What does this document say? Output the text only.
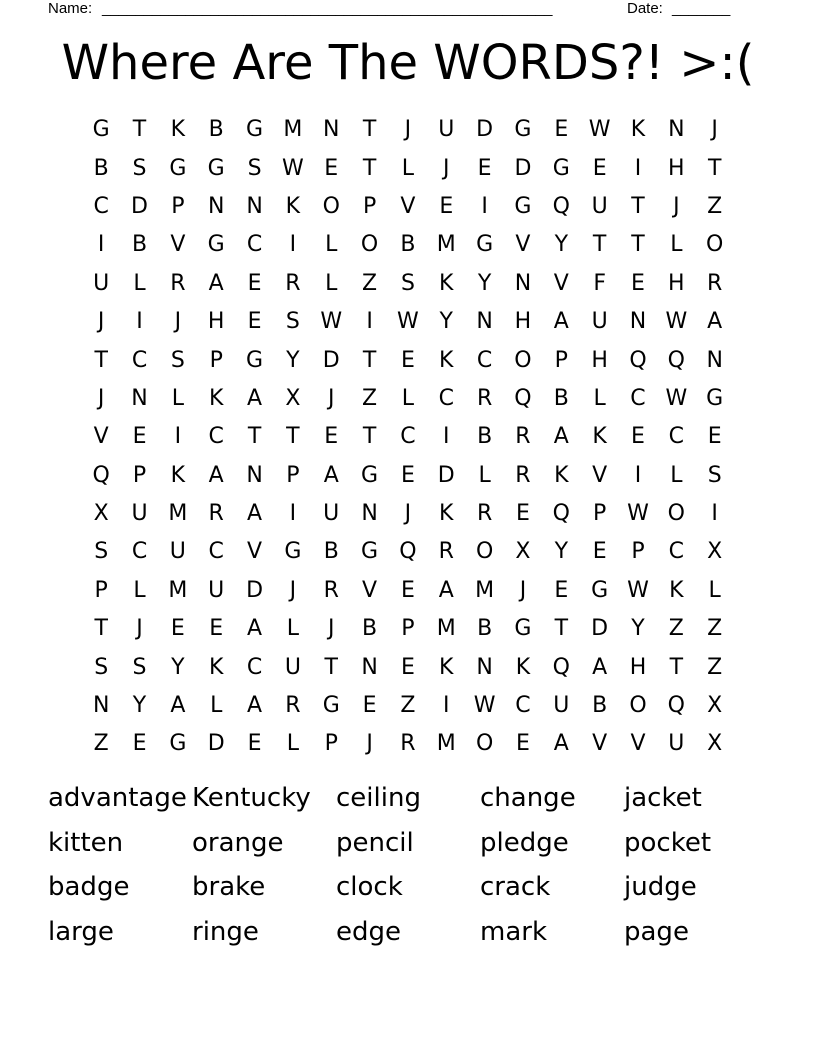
Name: ______________________________________________________	Date: _______
Where Are The WORDS?! >:(
G	T	K	B	G M N	T	J	U D G	E W K	N	J
B	S	G G	S W E	T	L	J	E	D G	E	I	H	T
C	D	P	N N	K	O	P	V	E	I	G Q U	T	J	Z
I	B	V	G	C	I	L	O	B M G	V	Y	T	T	L	O
U	L	R	A	E	R	L	Z	S	K	Y	N	V	F	E	H	R
J	I	J	H	E	S W	I	W Y	N H	A	U	N W A
T	C	S	P	G	Y	D	T	E	K	C O	P	H Q Q N
J	N	L	K	A	X	J	Z	L	C	R	Q	B	L	C W G
V	E	I	C	T	T	E	T	C	I	B	R	A	K	E	C	E
Q	P	K	A	N	P	A	G	E	D	L	R	K	V	I	L	S
X	U M R	A	I	U	N	J	K	R	E	Q	P W O	I
S	C	U	C	V	G	B	G Q	R	O	X	Y	E	P	C	X
P	L	M U D	J	R	V	E	A M	J	E	G W K	L
T	J	E	E	A	L	J	B	P	M B	G	T	D	Y	Z	Z
S	S	Y	K	C	U	T	N	E	K	N	K	Q	A	H	T	Z
N	Y	A	L	A	R	G	E	Z	I	W C	U	B	O Q	X
Z	E	G D	E	L	P	J	R M O	E	A	V	V	U	X
advantage Kentucky ceiling	change	jacket
kitten	orange	pencil	pledge	pocket
badge	brake	clock	crack	judge
large	ringe	edge	mark	page
